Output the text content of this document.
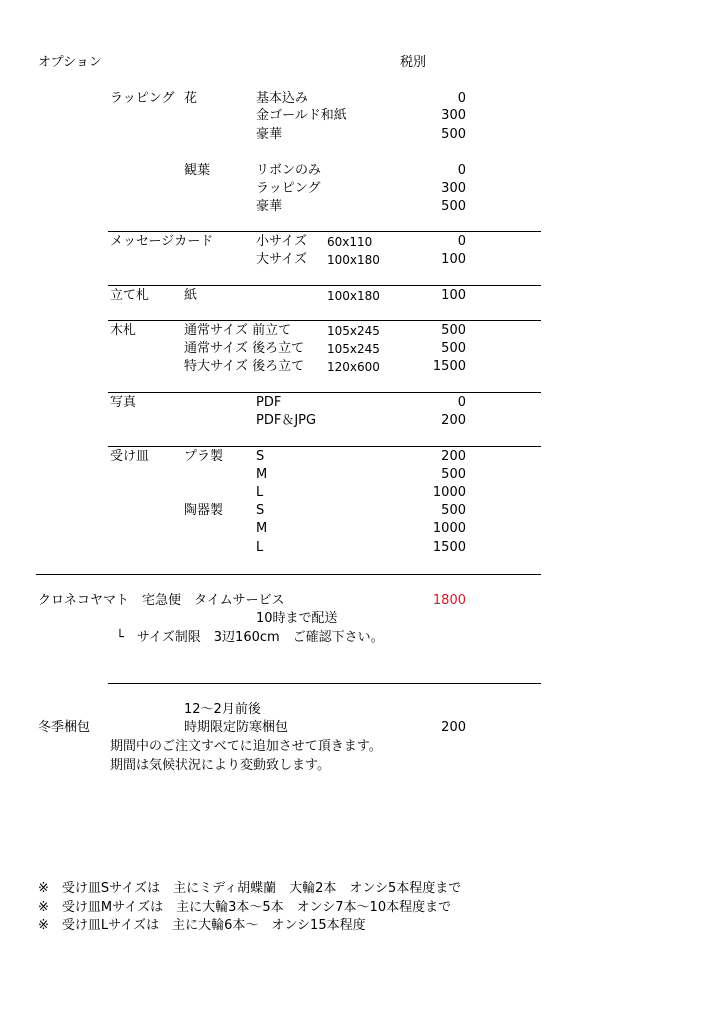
オプション	税別
ラッピング 花	基本込み	0
金ゴールド和紙	300
豪華	500
観葉	リボンのみ	0
ラッピング	300
豪華	500
メッセージカード	小サイズ 60x110	0
大サイズ 100x180	100
立て札	紙	100x180	100
木札	通常サイズ 前立て	105x245	500
通常サイズ 後ろ立て 105x245	500
特大サイズ 後ろ立て 120x600	1500
写真	PDF	0
PDF＆JPG	200
受け皿	プラ製	S	200
M	500
L	1000
陶器製	S	500
M	1000
L	1500
クロネコヤマト　宅急便　タイムサービス	1800
10時まで配送
└　サイズ制限　3辺160cm　ご確認下さい。
12～2月前後
冬季梱包	時期限定防寒梱包	200
期間中のご注文すべてに追加させて頂きます。
期間は気候状況により変動致します。
※　受け皿Sサイズは　主にミディ胡蝶蘭　大輪2本　オンシ5本程度まで
※　受け皿Mサイズは　主に大輪3本～5本　オンシ7本～10本程度まで
※　受け皿Lサイズは　主に大輪6本～　オンシ15本程度
